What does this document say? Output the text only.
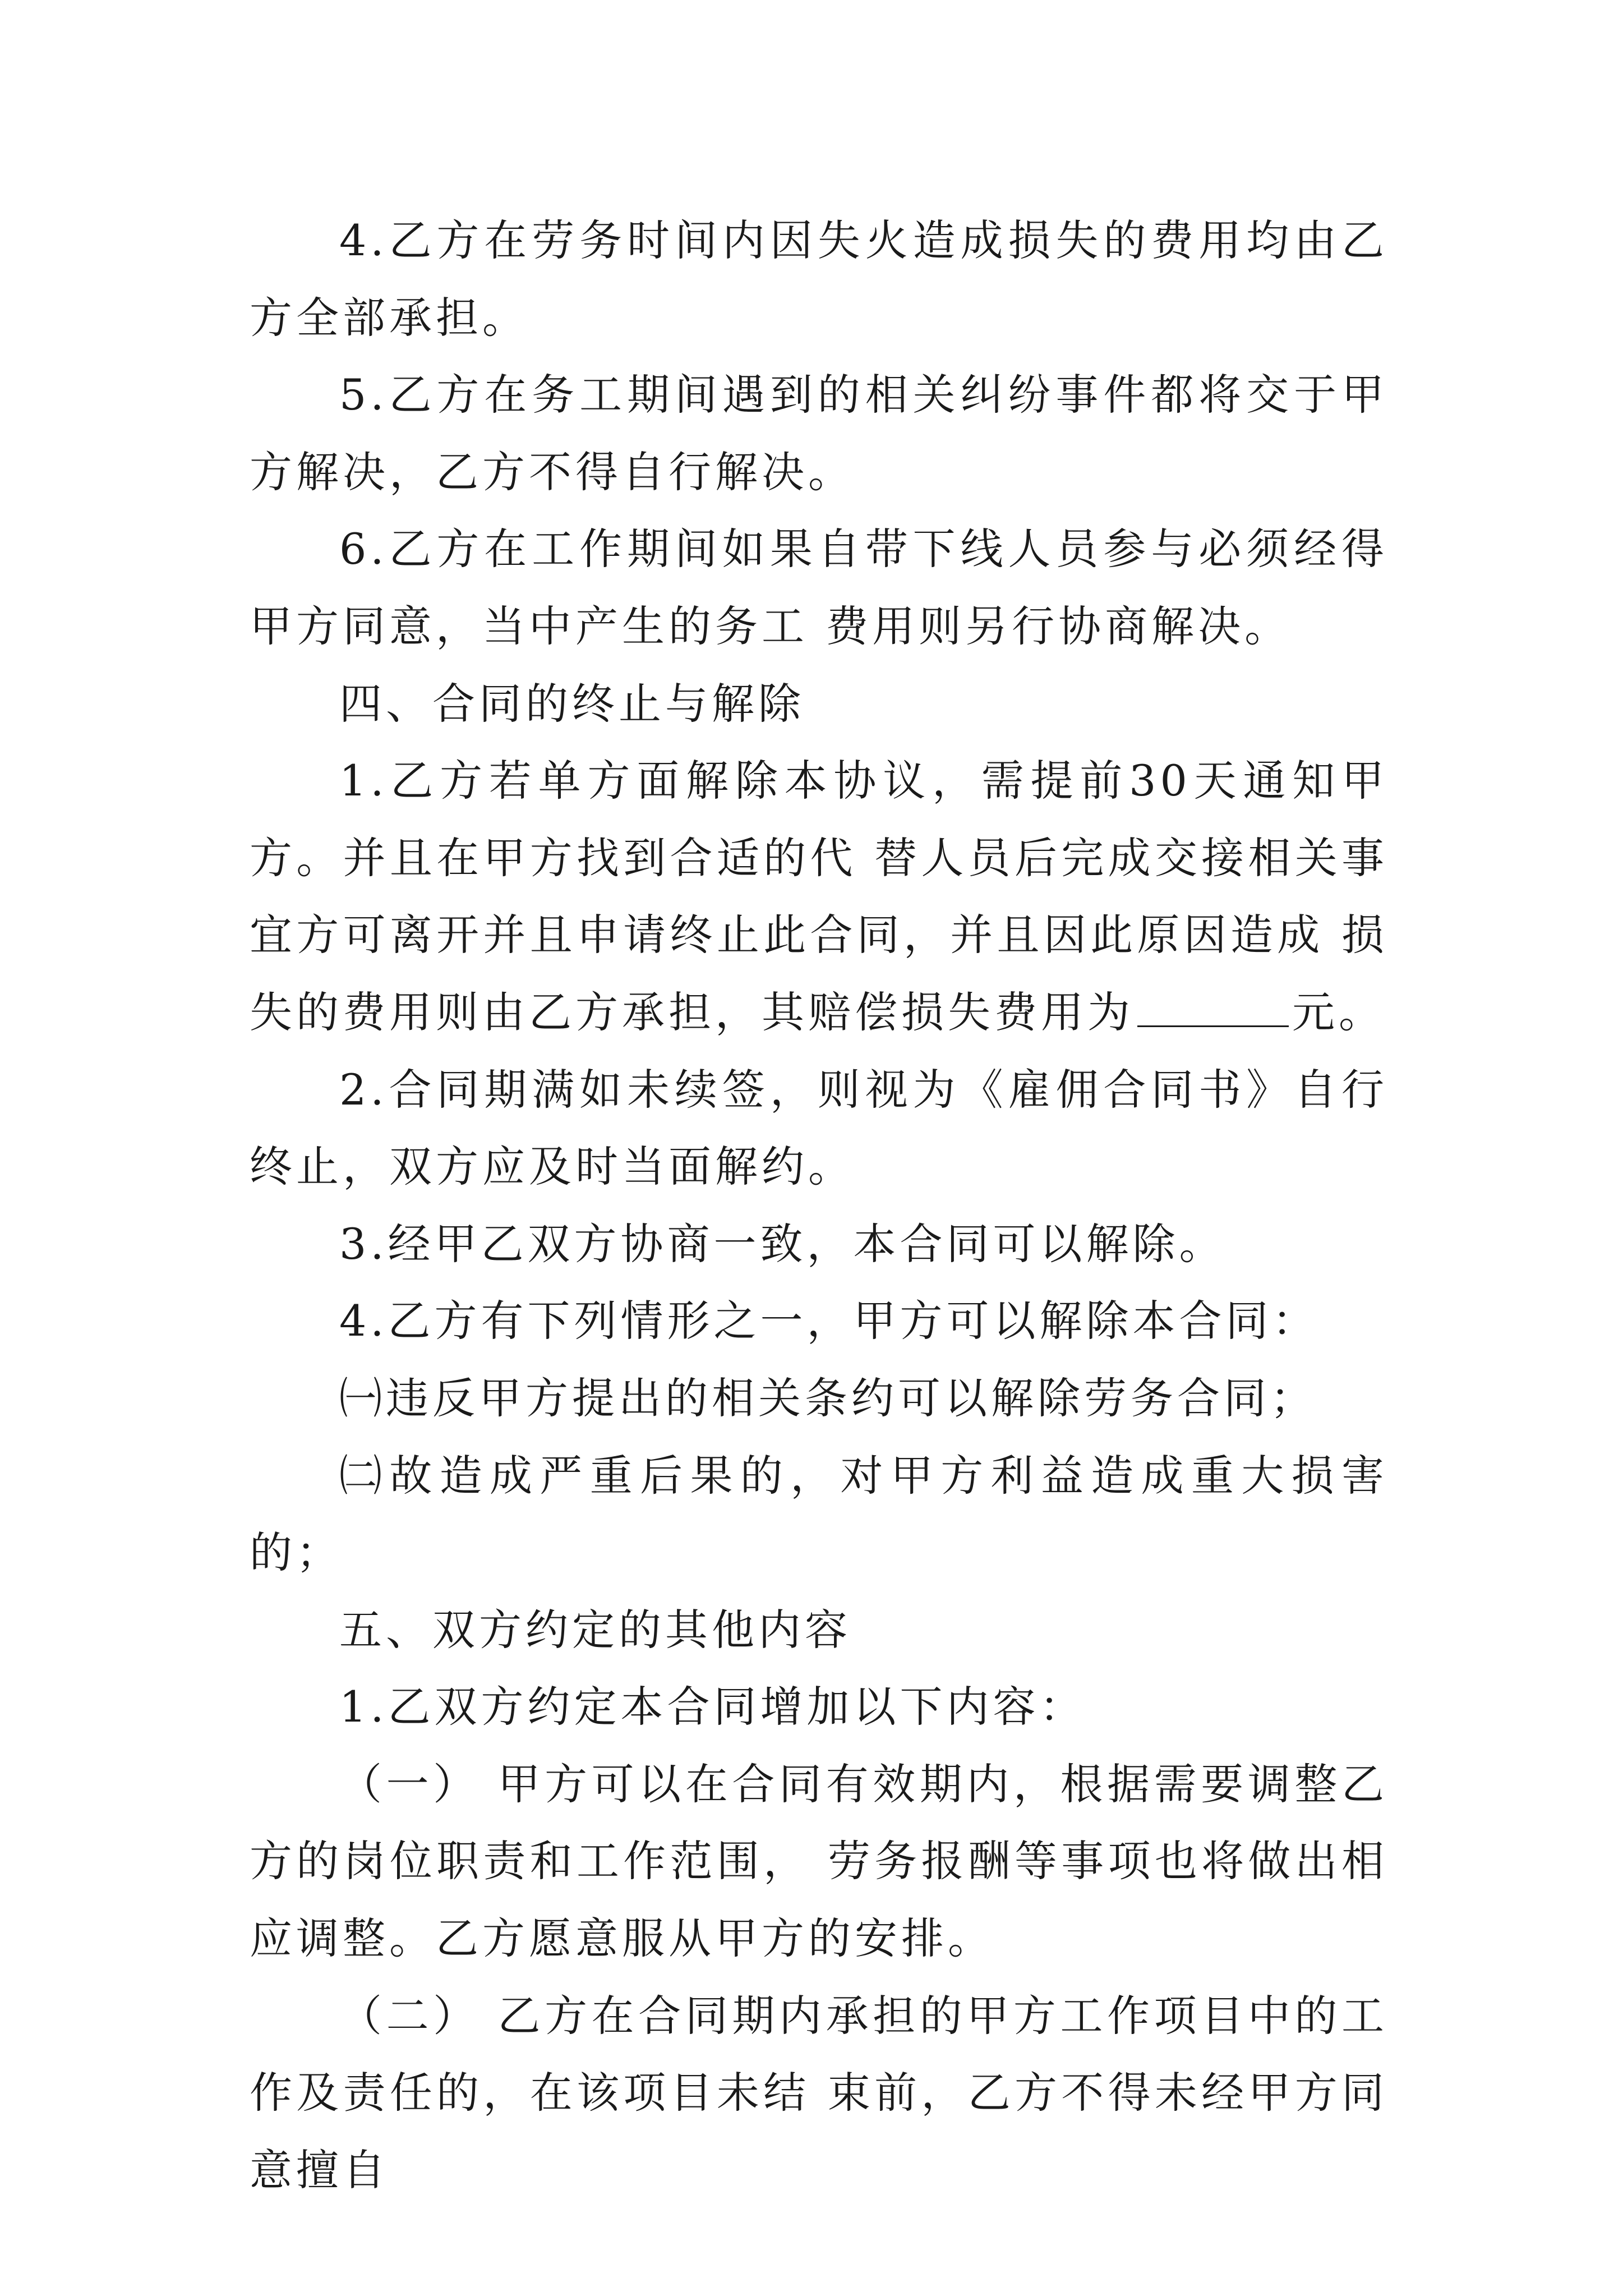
4.乙方在劳务时间内因失火造成损失的费用均由乙方全部承担。

5.乙方在务工期间遇到的相关纠纷事件都将交于甲方解决，乙方不得自行解决。

6.乙方在工作期间如果自带下线人员参与必须经得甲方同意，当中产生的务工 费用则另行协商解决。

四、合同的终止与解除

1.乙方若单方面解除本协议，需提前30天通知甲方。并且在甲方找到合适的代 替人员后完成交接相关事宜方可离开并且申请终止此合同，并且因此原因造成 损失的费用则由乙方承担，其赔偿损失费用为	元。

2.合同期满如未续签，则视为《雇佣合同书》自行终止，双方应及时当面解约。

3.经甲乙双方协商一致，本合同可以解除。

4.乙方有下列情形之一，甲方可以解除本合同：

㈠违反甲方提出的相关条约可以解除劳务合同；

㈡故造成严重后果的，对甲方利益造成重大损害的；

五、双方约定的其他内容

1.乙双方约定本合同增加以下内容：

（一） 甲方可以在合同有效期内，根据需要调整乙方的岗位职责和工作范围， 劳务报酬等事项也将做出相应调整。乙方愿意服从甲方的安排。

（二） 乙方在合同期内承担的甲方工作项目中的工作及责任的，在该项目未结 束前，乙方不得未经甲方同意擅自
